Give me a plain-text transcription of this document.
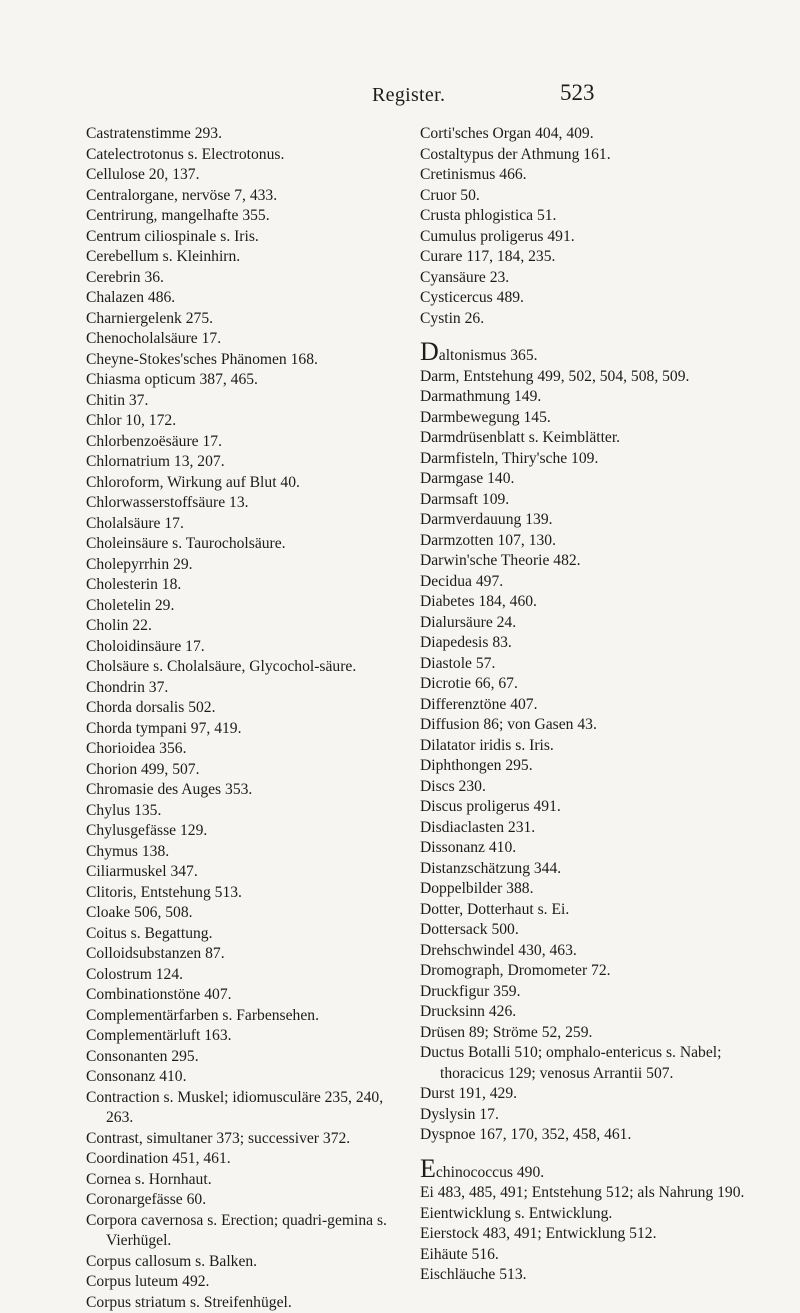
Register.	523

Castratenstimme 293.

Catelectrotonus s. Electrotonus.

Cellulose 20, 137.

Centralorgane, nervöse 7, 433.

Centrirung, mangelhafte 355.

Centrum ciliospinale s. Iris.

Cerebellum s. Kleinhirn.

Cerebrin 36.

Chalazen 486.

Charniergelenk 275.

Chenocholalsäure 17.

Cheyne-Stokes'sches Phänomen 168.

Chiasma opticum 387, 465.

Chitin 37.

Chlor 10, 172.

Chlorbenzoësäure 17.

Chlornatrium 13, 207.

Chloroform, Wirkung auf Blut 40.

Chlorwasserstoffsäure 13.

Cholalsäure 17.

Choleinsäure s. Taurocholsäure.

Cholepyrrhin 29.

Cholesterin 18.

Choletelin 29.

Cholin 22.

Choloidinsäure 17.

Cholsäure s. Cholalsäure, Glycochol-säure.

Chondrin 37.

Chorda dorsalis 502.

Chorda tympani 97, 419.

Chorioidea 356.

Chorion 499, 507.

Chromasie des Auges 353.

Chylus 135.

Chylusgefässe 129.

Chymus 138.

Ciliarmuskel 347.

Clitoris, Entstehung 513.

Cloake 506, 508.

Coitus s. Begattung.

Colloidsubstanzen 87.

Colostrum 124.

Combinationstöne 407.

Complementärfarben s. Farbensehen.

Complementärluft 163.

Consonanten 295.

Consonanz 410.

Contraction s. Muskel; idiomusculäre 235, 240, 263.

Contrast, simultaner 373; successiver 372.

Coordination 451, 461.

Cornea s. Hornhaut.

Coronargefässe 60.

Corpora cavernosa s. Erection; quadri-gemina s. Vierhügel.

Corpus callosum s. Balken.

Corpus luteum 492.

Corpus striatum s. Streifenhügel.

Corti'sches Organ 404, 409.

Costaltypus der Athmung 161.

Cretinismus 466.

Cruor 50.

Crusta phlogistica 51.

Cumulus proligerus 491.

Curare 117, 184, 235.

Cyansäure 23.

Cysticercus 489.

Cystin 26.

Daltonismus 365.

Darm, Entstehung 499, 502, 504, 508, 509.

Darmathmung 149.

Darmbewegung 145.

Darmdrüsenblatt s. Keimblätter.

Darmfisteln, Thiry'sche 109.

Darmgase 140.

Darmsaft 109.

Darmverdauung 139.

Darmzotten 107, 130.

Darwin'sche Theorie 482.

Decidua 497.

Diabetes 184, 460.

Dialursäure 24.

Diapedesis 83.

Diastole 57.

Dicrotie 66, 67.

Differenztöne 407.

Diffusion 86; von Gasen 43.

Dilatator iridis s. Iris.

Diphthongen 295.

Discs 230.

Discus proligerus 491.

Disdiaclasten 231.

Dissonanz 410.

Distanzschätzung 344.

Doppelbilder 388.

Dotter, Dotterhaut s. Ei.

Dottersack 500.

Drehschwindel 430, 463.

Dromograph, Dromometer 72.

Druckfigur 359.

Drucksinn 426.

Drüsen 89; Ströme 52, 259.

Ductus Botalli 510; omphalo-entericus s. Nabel; thoracicus 129; venosus Arrantii 507.

Durst 191, 429.

Dyslysin 17.

Dyspnoe 167, 170, 352, 458, 461.

Echinococcus 490.

Ei 483, 485, 491; Entstehung 512; als Nahrung 190.

Eientwicklung s. Entwicklung.

Eierstock 483, 491; Entwicklung 512.

Eihäute 516.

Eischläuche 513.
